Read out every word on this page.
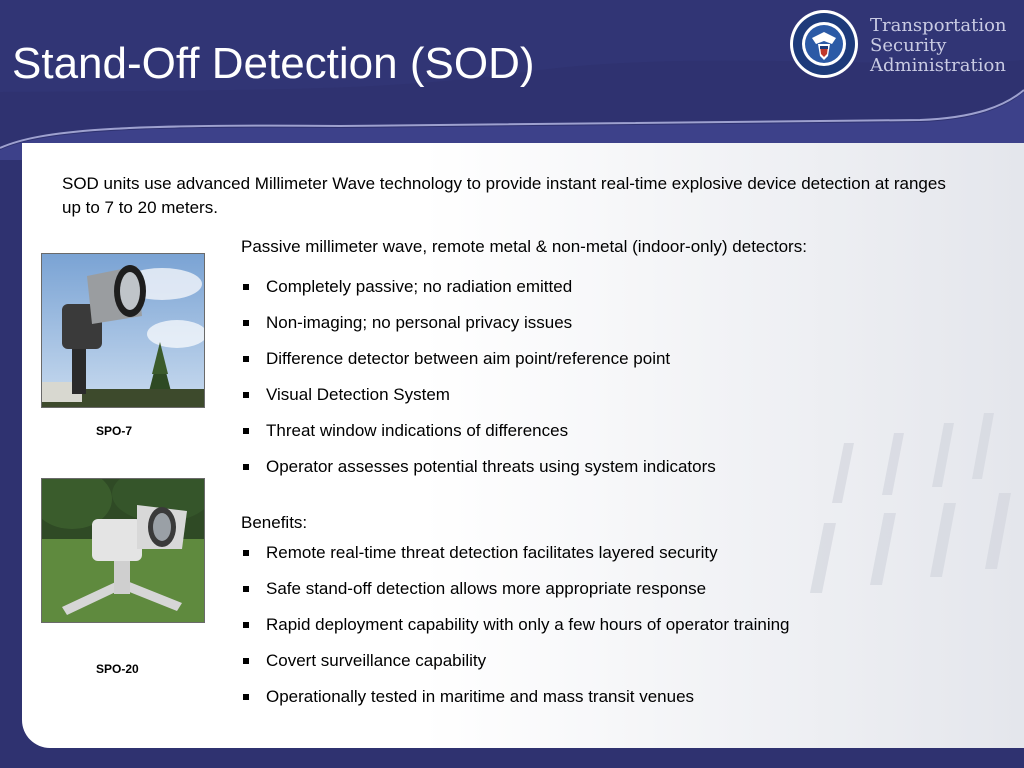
Stand-Off Detection (SOD)
Transportation
Security
Administration
SOD units use advanced Millimeter Wave technology to provide instant real-time explosive device detection at ranges up to 7 to 20 meters.
Passive millimeter wave, remote metal & non-metal (indoor-only) detectors:
Completely passive; no radiation emitted
Non-imaging; no personal privacy issues
Difference detector between aim point/reference point
Visual Detection System
Threat window indications of differences
Operator assesses potential threats using system indicators
Benefits:
Remote real-time threat detection facilitates layered security
Safe stand-off detection allows more appropriate response
Rapid deployment capability with only a few hours of operator training
Covert surveillance capability
Operationally tested in maritime and mass transit venues
SPO-7
SPO-20
